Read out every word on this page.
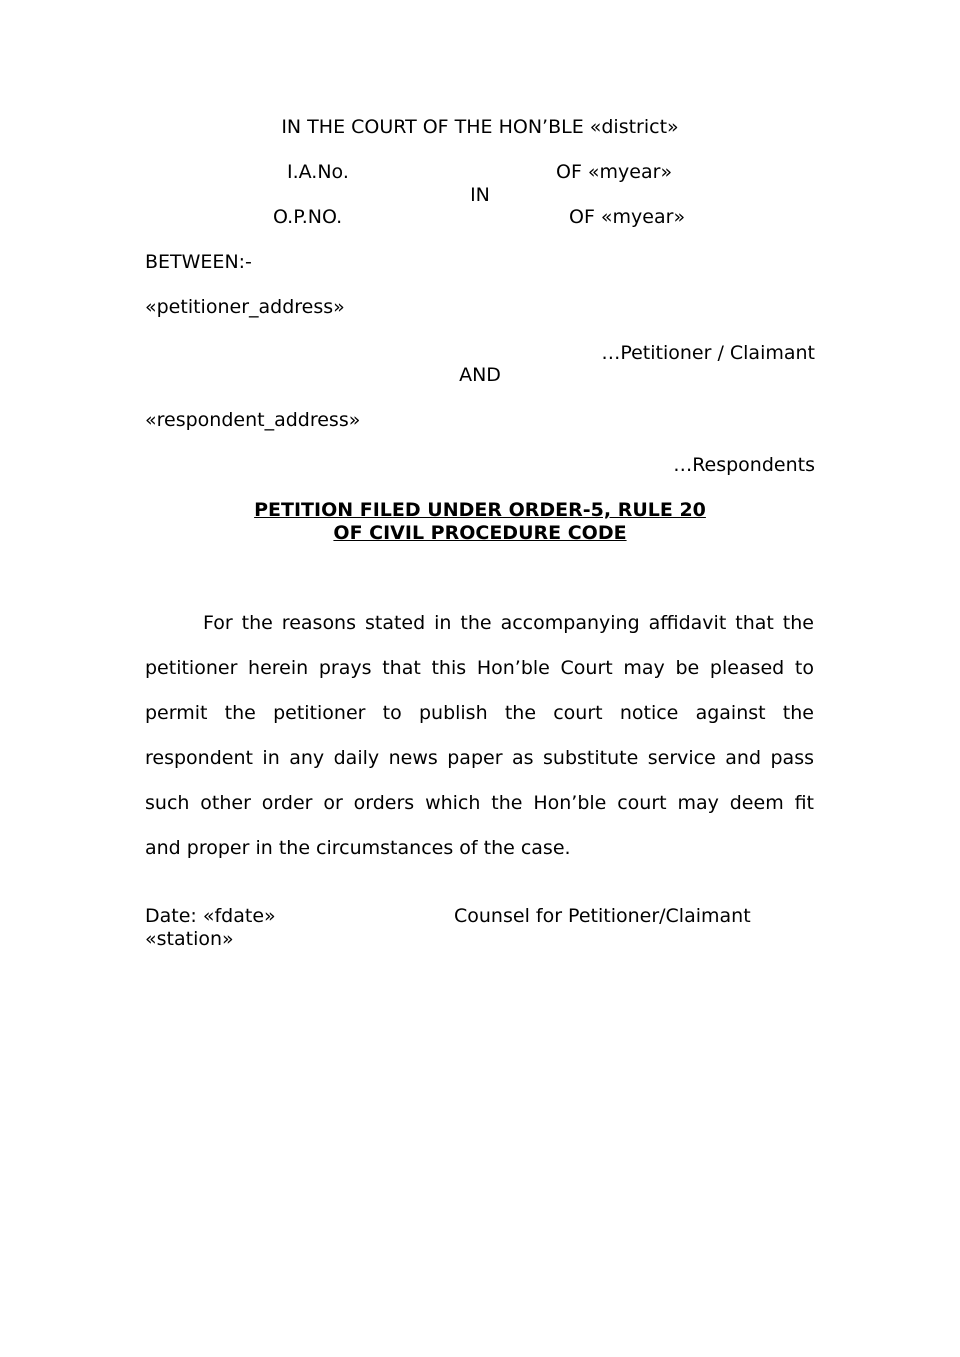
IN THE COURT OF THE HON’BLE «district»
I.A.No.	OF «myear»
IN
O.P.NO.	OF «myear»
BETWEEN:-
«petitioner_address»
…Petitioner / Claimant
AND
«respondent_address»
…Respondents
PETITION FILED UNDER ORDER-5, RULE 20
OF CIVIL PROCEDURE CODE
For the reasons stated in the accompanying affidavit that the
petitioner herein prays that this Hon’ble Court may be pleased to
permit the petitioner to publish the court notice against the
respondent in any daily news paper as substitute service and pass
such other order or orders which the Hon’ble court may deem fit
and proper in the circumstances of the case.
Date: «fdate»	Counsel for Petitioner/Claimant
«station»
